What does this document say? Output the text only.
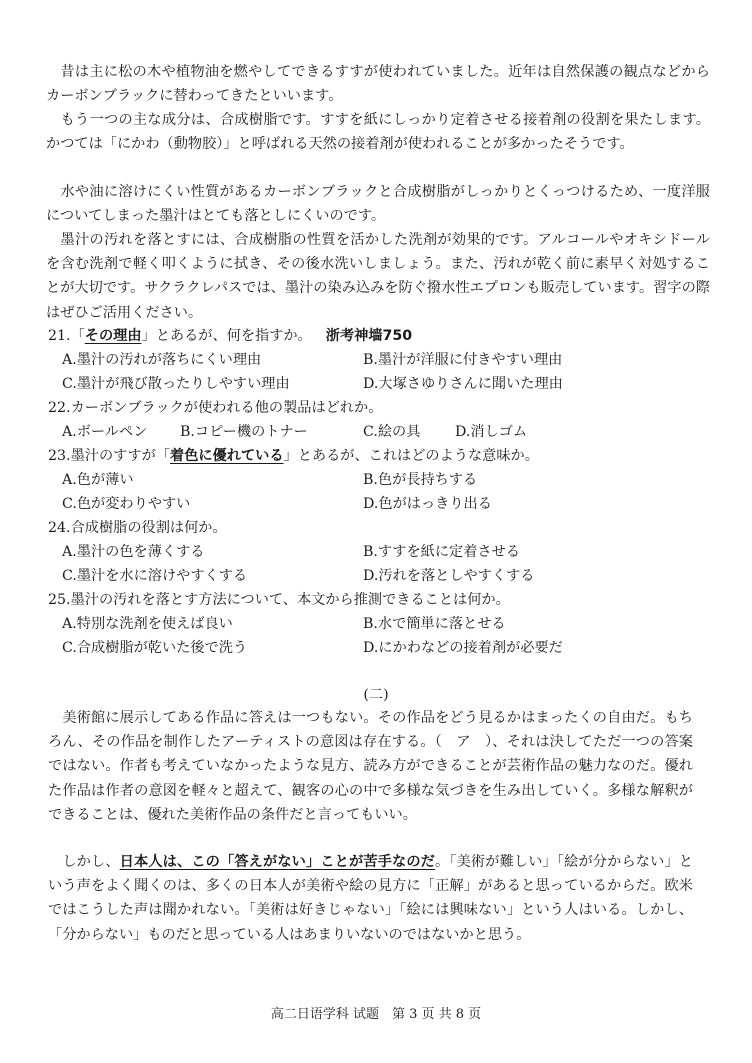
　昔は主に松の木や植物油を燃やしてできるすすが使われていました。近年は自然保護の観点などからカーボンブラックに替わってきたといいます。

　もう一つの主な成分は、合成樹脂です。すすを紙にしっかり定着させる接着剤の役割を果たします。かつては「にかわ（動物胶）」と呼ばれる天然の接着剤が使われることが多かったそうです。

　水や油に溶けにくい性質があるカーボンブラックと合成樹脂がしっかりとくっつけるため、一度洋服についてしまった墨汁はとても落としにくいのです。

　墨汁の汚れを落とすには、合成樹脂の性質を活かした洗剤が効果的です。アルコールやオキシドールを含む洗剤で軽く叩くように拭き、その後水洗いしましょう。また、汚れが乾く前に素早く対処することが大切です。サクラクレパスでは、墨汁の染み込みを防ぐ撥水性エプロンも販売しています。習字の際はぜひご活用ください。

21.「その理由」とあるが、何を指すか。 浙考神墙750
A.墨汁の汚れが落ちにくい理由	B.墨汁が洋服に付きやすい理由
C.墨汁が飛び散ったりしやすい理由	D.大塚さゆりさんに聞いた理由
22.カーボンブラックが使われる他の製品はどれか。
A.ボールペン B.コピー機のトナー	C.絵の具 D.消しゴム
23.墨汁のすすが「着色に優れている」とあるが、これはどのような意味か。
A.色が薄い	B.色が長持ちする
C.色が変わりやすい	D.色がはっきり出る
24.合成樹脂の役割は何か。
A.墨汁の色を薄くする	B.すすを紙に定着させる
C.墨汁を水に溶けやすくする	D.汚れを落としやすくする
25.墨汁の汚れを落とす方法について、本文から推測できることは何か。
A.特別な洗剤を使えば良い	B.水で簡単に落とせる
C.合成樹脂が乾いた後で洗う	D.にかわなどの接着剤が必要だ
(二)

　美術館に展示してある作品に答えは一つもない。その作品をどう見るかはまったくの自由だ。もちろん、その作品を制作したアーティストの意図は存在する。（　ア　）、それは決してただ一つの答案ではない。作者も考えていなかったような見方、読み方ができることが芸術作品の魅力なのだ。優れた作品は作者の意図を軽々と超えて、観客の心の中で多様な気づきを生み出していく。多様な解釈ができることは、優れた美術作品の条件だと言ってもいい。

　しかし、日本人は、この「答えがない」ことが苦手なのだ。「美術が難しい」「絵が分からない」という声をよく聞くのは、多くの日本人が美術や絵の見方に「正解」があると思っているからだ。欧米ではこうした声は聞かれない。「美術は好きじゃない」「絵には興味ない」という人はいる。しかし、「分からない」ものだと思っている人はあまりいないのではないかと思う。

高二日语学科 试题　第 3 页 共 8 页
